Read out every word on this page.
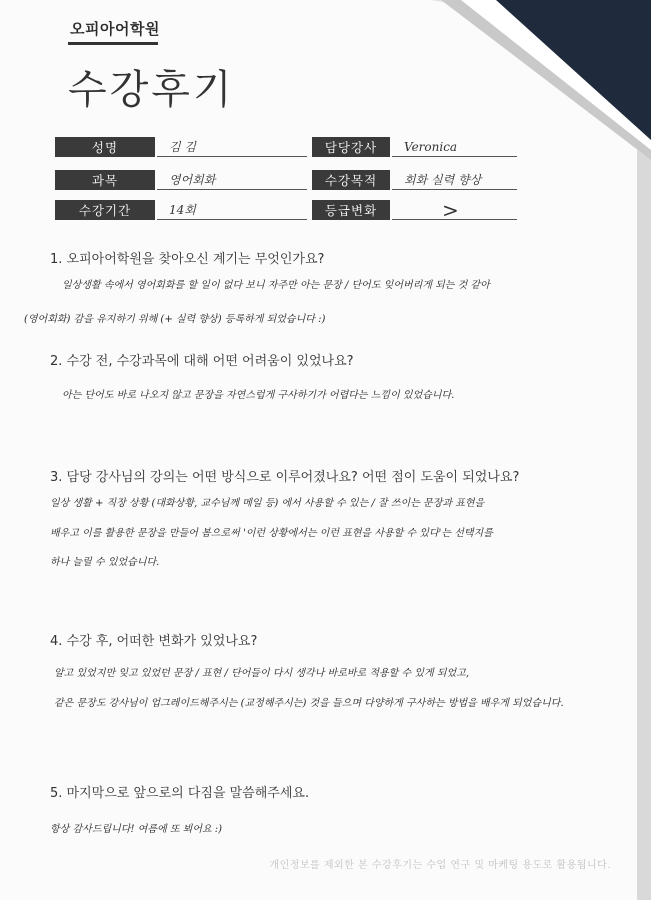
오피아어학원
수강후기
성명	김 김
과목	영어회화
수강기간	14회
담당강사	Veronica
수강목적	회화 실력 향상
등급변화	>
1. 오피아어학원을 찾아오신 계기는 무엇인가요?
일상생활 속에서 영어회화를 할 일이 없다 보니 자주만 아는 문장 / 단어도 잊어버리게 되는 것 같아
(영어회화) 감을 유지하기 위해 (+ 실력 향상) 등록하게 되었습니다 :)
2. 수강 전, 수강과목에 대해 어떤 어려움이 있었나요?
아는 단어도 바로 나오지 않고 문장을 자연스럽게 구사하기가 어렵다는 느낌이 있었습니다.
3. 담당 강사님의 강의는 어떤 방식으로 이루어졌나요? 어떤 점이 도움이 되었나요?
일상 생활 + 직장 상황 (대화상황, 교수님께 메일 등) 에서 사용할 수 있는 / 잘 쓰이는 문장과 표현을
배우고 이를 활용한 문장을 만들어 봄으로써 '이런 상황에서는 이런 표현을 사용할 수 있다'는 선택지를
하나 늘릴 수 있었습니다.
4. 수강 후, 어떠한 변화가 있었나요?
알고 있었지만 잊고 있었던 문장 / 표현 / 단어들이 다시 생각나 바로바로 적용할 수 있게 되었고,
같은 문장도 강사님이 업그레이드해주시는 (교정해주시는) 것을 들으며 다양하게 구사하는 방법을 배우게 되었습니다.
5. 마지막으로 앞으로의 다짐을 말씀해주세요.
항상 감사드립니다! 여름에 또 뵈어요 :)
개인정보를 제외한 본 수강후기는 수업 연구 및 마케팅 용도로 활용됩니다.
